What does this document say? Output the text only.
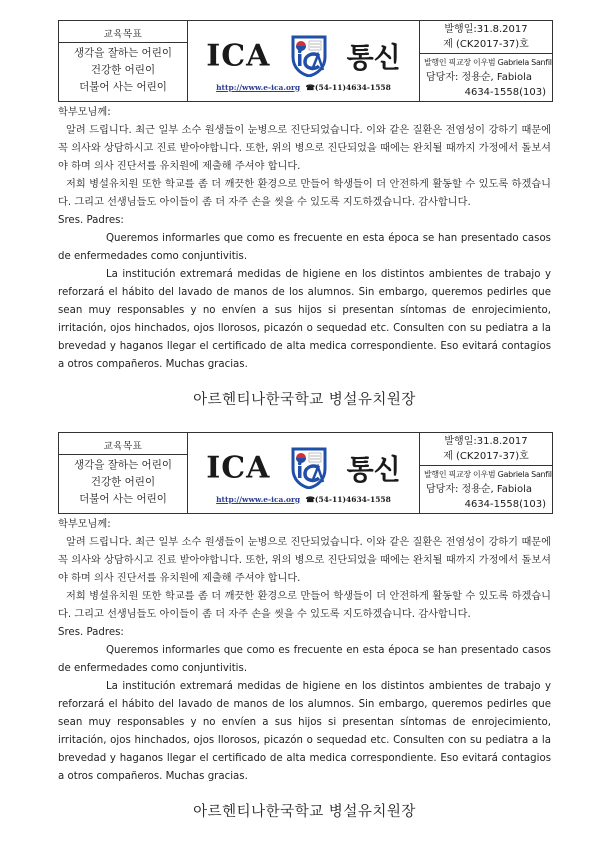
교육목표
생각을 잘하는 어린이
건강한 어린이
더불어 사는 어린이

ICA	통신
http://www.e-ica.org ☎(54-11)4634-1558

발행일:31.8.2017
제 (CK2017-37)호
발행인 픽교장 이우범 Gabriela Sanfil
담당자: 정용순, Fabiola
4634-1558(103)

학부모님께:

알려 드립니다. 최근 일부 소수 원생들이 눈병으로 진단되었습니다. 이와 같은 질환은 전염성이 강하기 때문에 꼭 의사와 상담하시고 진료 받아야합니다. 또한, 위의 병으로 진단되었을 때에는 완치될 때까지 가정에서 돌보셔야 하며 의사 진단서를 유치원에 제출해 주셔야 합니다.

저희 병설유치원 또한 학교를 좀 더 깨끗한 환경으로 만들어 학생들이 더 안전하게 활동할 수 있도록 하겠습니다. 그리고 선생님들도 아이들이 좀 더 자주 손을 씻을 수 있도록 지도하겠습니다. 감사합니다.

Sres. Padres:

Queremos informarles que como es frecuente en esta época se han presentado casos de enfermedades como conjuntivitis.

La institución extremará medidas de higiene en los distintos ambientes de trabajo y reforzará el hábito del lavado de manos de los alumnos. Sin embargo, queremos pedirles que sean muy responsables y no envíen a sus hijos si presentan síntomas de enrojecimiento, irritación, ojos hinchados, ojos llorosos, picazón o sequedad etc. Consulten con su pediatra a la brevedad y haganos llegar el certificado de alta medica correspondiente. Eso evitará contagios a otros compañeros. Muchas gracias.

아르헨티나한국학교 병설유치원장
교육목표
생각을 잘하는 어린이
건강한 어린이
더불어 사는 어린이

ICA	통신
http://www.e-ica.org ☎(54-11)4634-1558

발행일:31.8.2017
제 (CK2017-37)호
발행인 픽교장 이우범 Gabriela Sanfil
담당자: 정용순, Fabiola
4634-1558(103)

학부모님께:

알려 드립니다. 최근 일부 소수 원생들이 눈병으로 진단되었습니다. 이와 같은 질환은 전염성이 강하기 때문에 꼭 의사와 상담하시고 진료 받아야합니다. 또한, 위의 병으로 진단되었을 때에는 완치될 때까지 가정에서 돌보셔야 하며 의사 진단서를 유치원에 제출해 주셔야 합니다.

저희 병설유치원 또한 학교를 좀 더 깨끗한 환경으로 만들어 학생들이 더 안전하게 활동할 수 있도록 하겠습니다. 그리고 선생님들도 아이들이 좀 더 자주 손을 씻을 수 있도록 지도하겠습니다. 감사합니다.

Sres. Padres:

Queremos informarles que como es frecuente en esta época se han presentado casos de enfermedades como conjuntivitis.

La institución extremará medidas de higiene en los distintos ambientes de trabajo y reforzará el hábito del lavado de manos de los alumnos. Sin embargo, queremos pedirles que sean muy responsables y no envíen a sus hijos si presentan síntomas de enrojecimiento, irritación, ojos hinchados, ojos llorosos, picazón o sequedad etc. Consulten con su pediatra a la brevedad y haganos llegar el certificado de alta medica correspondiente. Eso evitará contagios a otros compañeros. Muchas gracias.

아르헨티나한국학교 병설유치원장
